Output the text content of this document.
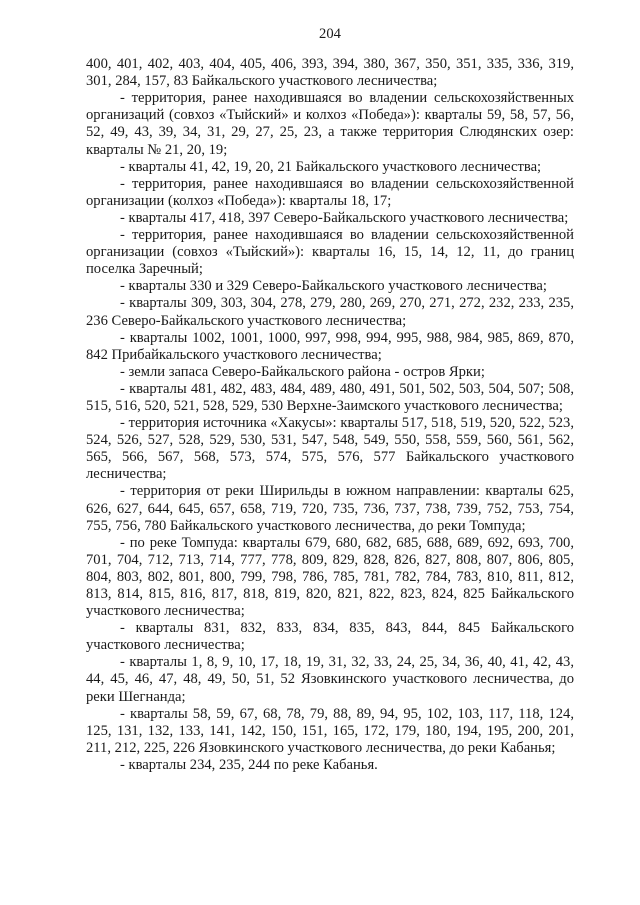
204

400, 401, 402, 403, 404, 405, 406, 393, 394, 380, 367, 350, 351, 335, 336, 319, 301, 284, 157, 83 Байкальского участкового лесничества;

- территория, ранее находившаяся во владении сельскохозяйственных организаций (совхоз «Тыйский» и колхоз «Победа»): кварталы 59, 58, 57, 56, 52, 49, 43, 39, 34, 31, 29, 27, 25, 23, а также территория Слюдянских озер: кварталы № 21, 20, 19;

- кварталы 41, 42, 19, 20, 21 Байкальского участкового лесничества;

- территория, ранее находившаяся во владении сельскохозяйственной организации (колхоз «Победа»): кварталы 18, 17;

- кварталы 417, 418, 397 Северо-Байкальского участкового лесничества;

- территория, ранее находившаяся во владении сельскохозяйственной организации (совхоз «Тыйский»): кварталы 16, 15, 14, 12, 11, до границ поселка Заречный;

- кварталы 330 и 329 Северо-Байкальского участкового лесничества;

- кварталы 309, 303, 304, 278, 279, 280, 269, 270, 271, 272, 232, 233, 235, 236 Северо-Байкальского участкового лесничества;

- кварталы 1002, 1001, 1000, 997, 998, 994, 995, 988, 984, 985, 869, 870, 842 Прибайкальского участкового лесничества;

- земли запаса Северо-Байкальского района - остров Ярки;

- кварталы 481, 482, 483, 484, 489, 480, 491, 501, 502, 503, 504, 507; 508, 515, 516, 520, 521, 528, 529, 530 Верхне-Заимского участкового лесничества;

- территория источника «Хакусы»: кварталы 517, 518, 519, 520, 522, 523, 524, 526, 527, 528, 529, 530, 531, 547, 548, 549, 550, 558, 559, 560, 561, 562, 565, 566, 567, 568, 573, 574, 575, 576, 577 Байкальского участкового лесничества;

- территория от реки Ширильды в южном направлении: кварталы 625, 626, 627, 644, 645, 657, 658, 719, 720, 735, 736, 737, 738, 739, 752, 753, 754, 755, 756, 780 Байкальского участкового лесничества, до реки Томпуда;

- по реке Томпуда: кварталы 679, 680, 682, 685, 688, 689, 692, 693, 700, 701, 704, 712, 713, 714, 777, 778, 809, 829, 828, 826, 827, 808, 807, 806, 805, 804, 803, 802, 801, 800, 799, 798, 786, 785, 781, 782, 784, 783, 810, 811, 812, 813, 814, 815, 816, 817, 818, 819, 820, 821, 822, 823, 824, 825 Байкальского участкового лесничества;

- кварталы 831, 832, 833, 834, 835, 843, 844, 845 Байкальского участкового лесничества;

- кварталы 1, 8, 9, 10, 17, 18, 19, 31, 32, 33, 24, 25, 34, 36, 40, 41, 42, 43, 44, 45, 46, 47, 48, 49, 50, 51, 52 Язовкинского участкового лесничества, до реки Шегнанда;

- кварталы 58, 59, 67, 68, 78, 79, 88, 89, 94, 95, 102, 103, 117, 118, 124, 125, 131, 132, 133, 141, 142, 150, 151, 165, 172, 179, 180, 194, 195, 200, 201, 211, 212, 225, 226 Язовкинского участкового лесничества, до реки Кабанья;

- кварталы 234, 235, 244 по реке Кабанья.
